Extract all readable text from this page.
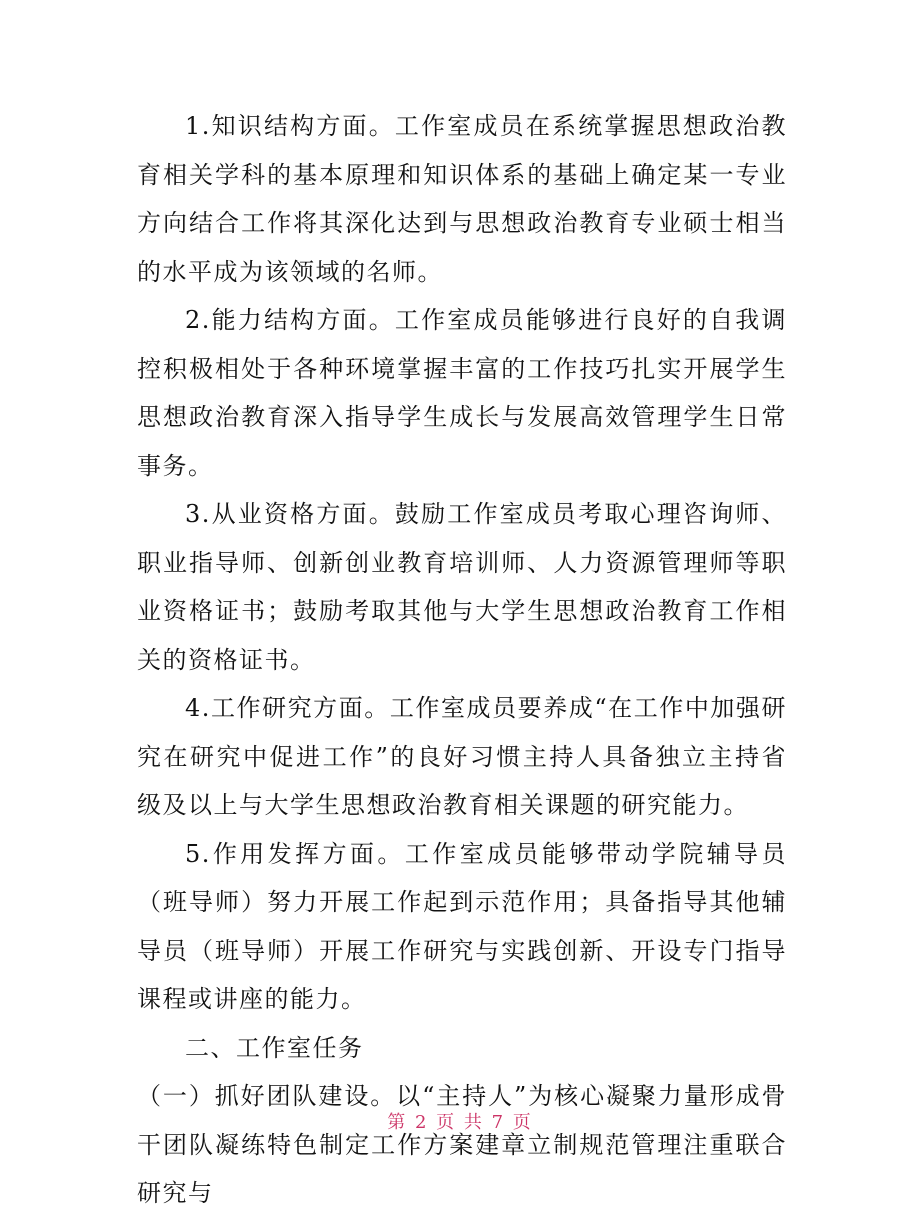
1.知识结构方面。工作室成员在系统掌握思想政治教育相关学科的基本原理和知识体系的基础上确定某一专业方向结合工作将其深化达到与思想政治教育专业硕士相当的水平成为该领域的名师。

2.能力结构方面。工作室成员能够进行良好的自我调控积极相处于各种环境掌握丰富的工作技巧扎实开展学生思想政治教育深入指导学生成长与发展高效管理学生日常事务。

3.从业资格方面。鼓励工作室成员考取心理咨询师、职业指导师、创新创业教育培训师、人力资源管理师等职业资格证书；鼓励考取其他与大学生思想政治教育工作相关的资格证书。

4.工作研究方面。工作室成员要养成“在工作中加强研究在研究中促进工作”的良好习惯主持人具备独立主持省级及以上与大学生思想政治教育相关课题的研究能力。

5.作用发挥方面。工作室成员能够带动学院辅导员（班导师）努力开展工作起到示范作用；具备指导其他辅导员（班导师）开展工作研究与实践创新、开设专门指导课程或讲座的能力。

二、工作室任务

（一）抓好团队建设。以“主持人”为核心凝聚力量形成骨干团队凝练特色制定工作方案建章立制规范管理注重联合研究与

第 2 页 共 7 页
